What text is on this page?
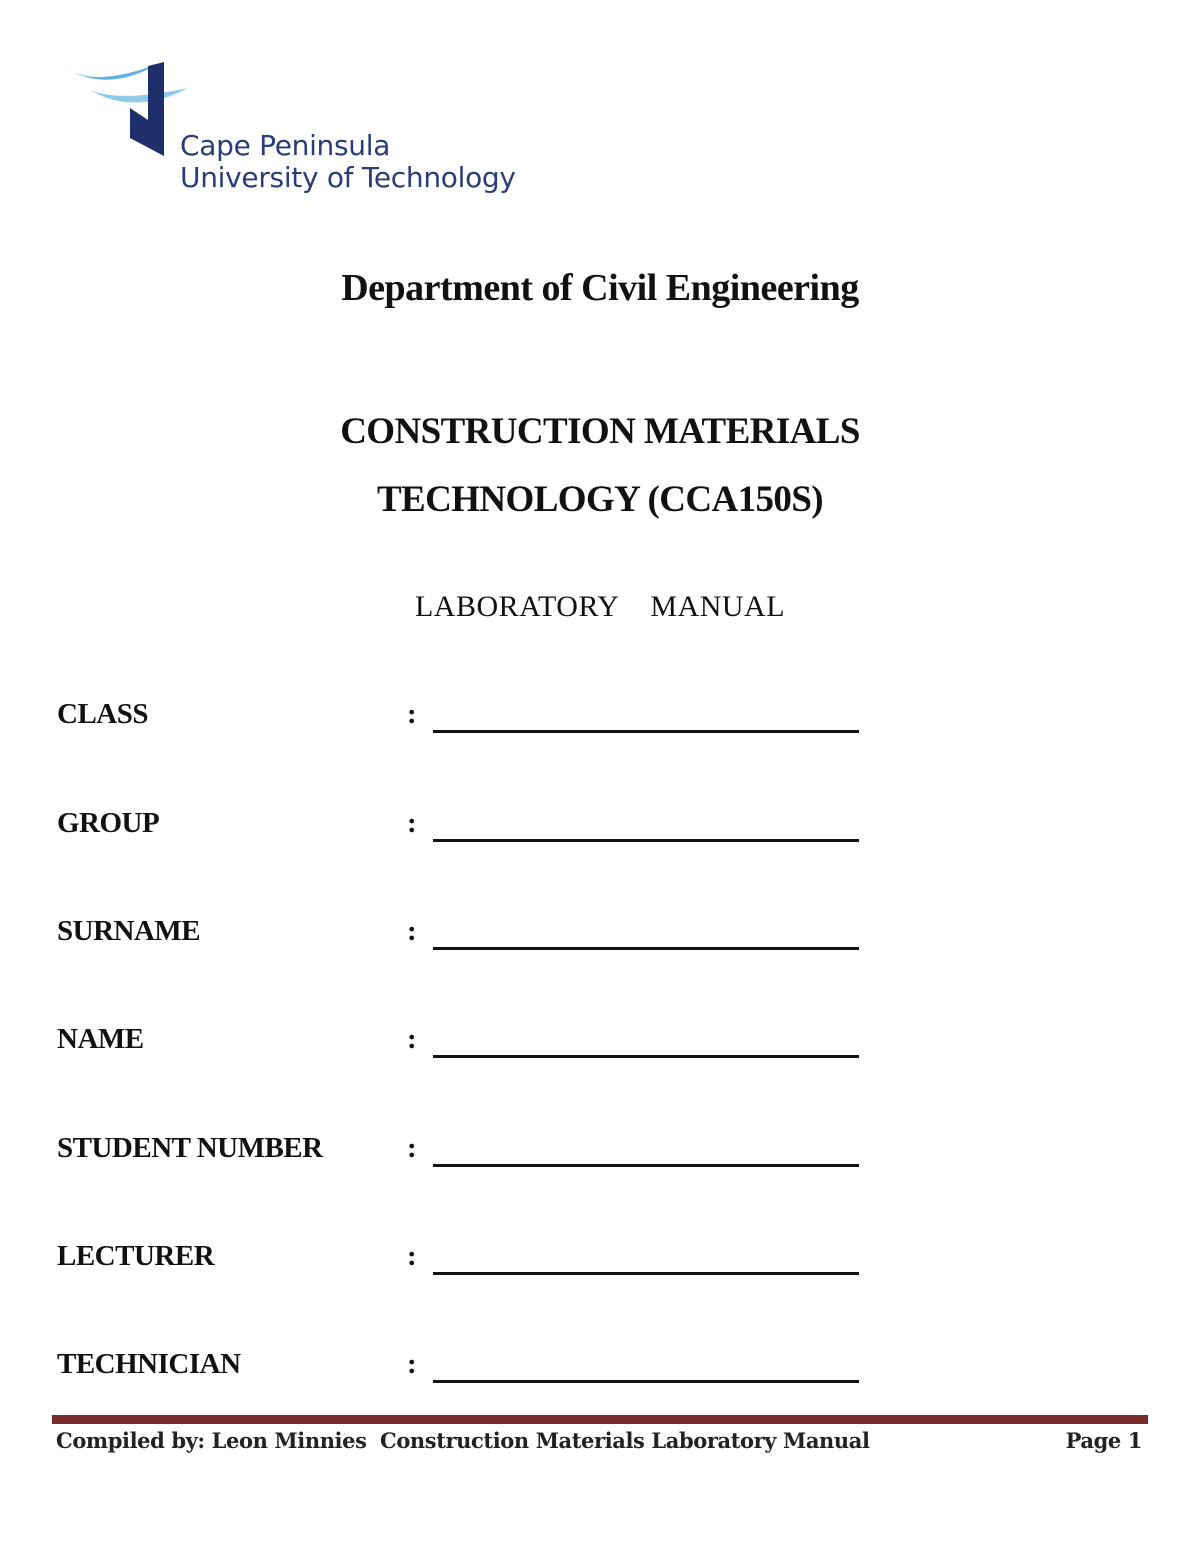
Cape Peninsula
University of Technology
Department of Civil Engineering
CONSTRUCTION MATERIALS
TECHNOLOGY (CCA150S)
LABORATORY  MANUAL
CLASS	:
GROUP	:
SURNAME	:
NAME	:
STUDENT NUMBER	:
LECTURER	:
TECHNICIAN	:
Compiled by: Leon Minnies Construction Materials Laboratory Manual	Page 1
